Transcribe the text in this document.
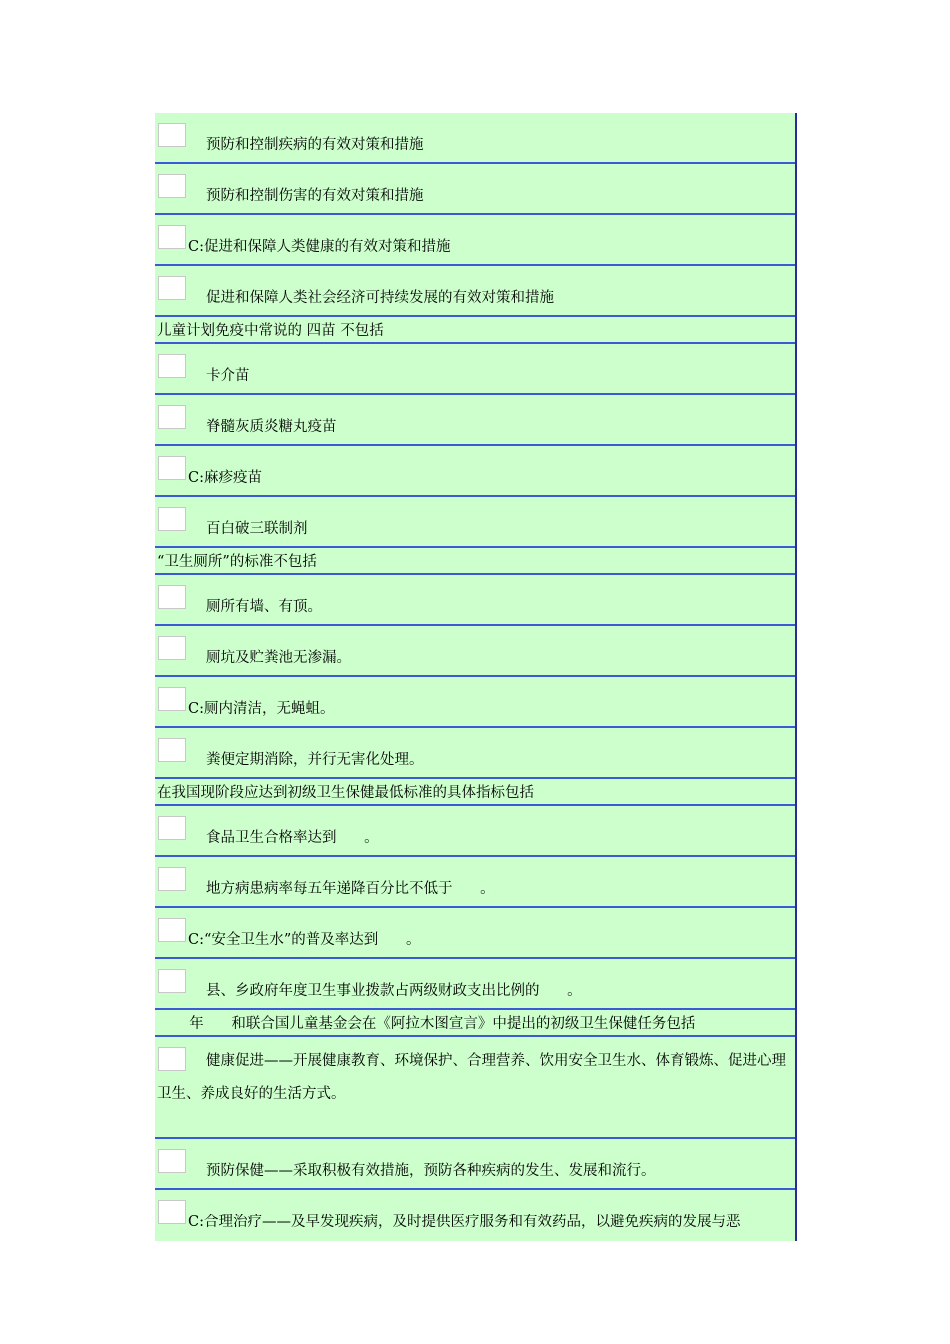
预防和控制疾病的有效对策和措施
预防和控制伤害的有效对策和措施
C:促进和保障人类健康的有效对策和措施
促进和保障人类社会经济可持续发展的有效对策和措施
儿童计划免疫中常说的 四苗 不包括
卡介苗
脊髓灰质炎糖丸疫苗
C:麻疹疫苗
百白破三联制剂
“卫生厕所”的标准不包括
厕所有墙、有顶。
厕坑及贮粪池无渗漏。
C:厕内清洁，无蝇蛆。
粪便定期消除，并行无害化处理。
在我国现阶段应达到初级卫生保健最低标准的具体指标包括
食品卫生合格率达到      。
地方病患病率每五年递降百分比不低于      。
C:“安全卫生水”的普及率达到      。
县、乡政府年度卫生事业拨款占两级财政支出比例的      。
年      和联合国儿童基金会在《阿拉木图宣言》中提出的初级卫生保健任务包括
健康促进——开展健康教育、环境保护、合理营养、饮用安全卫生水、体育锻炼、促进心理卫生、养成良好的生活方式。
预防保健——采取积极有效措施，预防各种疾病的发生、发展和流行。
C:合理治疗——及早发现疾病，及时提供医疗服务和有效药品，以避免疾病的发展与恶
